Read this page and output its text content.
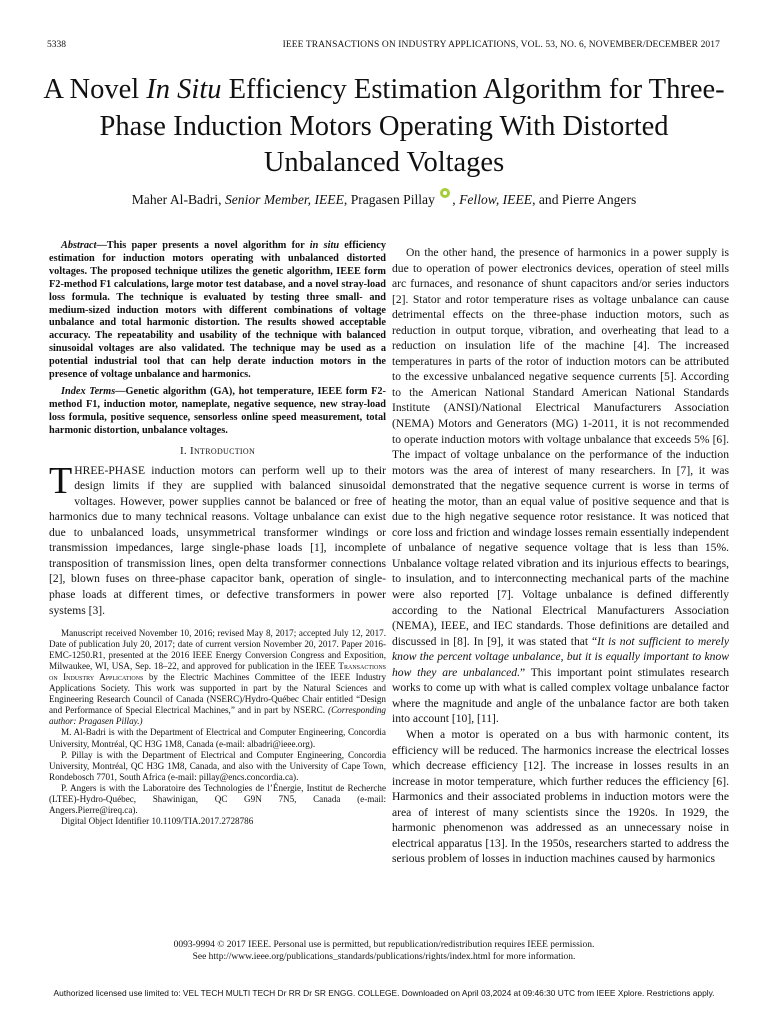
5338	IEEE TRANSACTIONS ON INDUSTRY APPLICATIONS, VOL. 53, NO. 6, NOVEMBER/DECEMBER 2017
A Novel In Situ Efficiency Estimation Algorithm for Three-Phase Induction Motors Operating With Distorted Unbalanced Voltages
Maher Al-Badri, Senior Member, IEEE, Pragasen Pillay , Fellow, IEEE, and Pierre Angers

Abstract—This paper presents a novel algorithm for in situ efficiency estimation for induction motors operating with unbalanced distorted voltages. The proposed technique utilizes the genetic algorithm, IEEE form F2-method F1 calculations, large motor test database, and a novel stray-load loss formula. The technique is evaluated by testing three small- and medium-sized induction motors with different combinations of voltage unbalance and total harmonic distortion. The results showed acceptable accuracy. The repeatability and usability of the technique with balanced sinusoidal voltages are also validated. The technique may be used as a potential industrial tool that can help derate induction motors in the presence of voltage unbalance and harmonics.

Index Terms—Genetic algorithm (GA), hot temperature, IEEE form F2-method F1, induction motor, nameplate, negative sequence, new stray-load loss formula, positive sequence, sensorless online speed measurement, total harmonic distortion, unbalance voltages.

I. Introduction

THREE-PHASE induction motors can perform well up to their design limits if they are supplied with balanced sinusoidal voltages. However, power supplies cannot be balanced or free of harmonics due to many technical reasons. Voltage unbalance can exist due to unbalanced loads, unsymmetrical transformer windings or transmission impedances, large single-phase loads [1], incomplete transposition of transmission lines, open delta transformer connections [2], blown fuses on three-phase capacitor bank, operation of single-phase loads at different times, or defective transformers in power systems [3].

Manuscript received November 10, 2016; revised May 8, 2017; accepted July 12, 2017. Date of publication July 20, 2017; date of current version November 20, 2017. Paper 2016-EMC-1250.R1, presented at the 2016 IEEE Energy Conversion Congress and Exposition, Milwaukee, WI, USA, Sep. 18–22, and approved for publication in the IEEE Transactions on Industry Applications by the Electric Machines Committee of the IEEE Industry Applications Society. This work was supported in part by the Natural Sciences and Engineering Research Council of Canada (NSERC)/Hydro-Québec Chair entitled “Design and Performance of Special Electrical Machines,” and in part by NSERC. (Corresponding author: Pragasen Pillay.)

M. Al-Badri is with the Department of Electrical and Computer Engineering, Concordia University, Montréal, QC H3G 1M8, Canada (e-mail: albadri@ieee.org).

P. Pillay is with the Department of Electrical and Computer Engineering, Concordia University, Montréal, QC H3G 1M8, Canada, and also with the University of Cape Town, Rondebosch 7701, South Africa (e-mail: pillay@encs.concordia.ca).

P. Angers is with the Laboratoire des Technologies de l’Énergie, Institut de Recherche (LTEE)-Hydro-Québec, Shawinigan, QC G9N 7N5, Canada (e-mail: Angers.Pierre@ireq.ca).

Digital Object Identifier 10.1109/TIA.2017.2728786

On the other hand, the presence of harmonics in a power supply is due to operation of power electronics devices, operation of steel mills arc furnaces, and resonance of shunt capacitors and/or series inductors [2]. Stator and rotor temperature rises as voltage unbalance can cause detrimental effects on the three-phase induction motors, such as reduction in output torque, vibration, and overheating that lead to a reduction on insulation life of the machine [4]. The increased temperatures in parts of the rotor of induction motors can be attributed to the excessive unbalanced negative sequence currents [5]. According to the American National Standard American National Standards Institute (ANSI)/National Electrical Manufacturers Association (NEMA) Motors and Generators (MG) 1-2011, it is not recommended to operate induction motors with voltage unbalance that exceeds 5% [6]. The impact of voltage unbalance on the performance of the induction motors was the area of interest of many researchers. In [7], it was demonstrated that the negative sequence current is worse in terms of heating the motor, than an equal value of positive sequence and that is due to the high negative sequence rotor resistance. It was noticed that core loss and friction and windage losses remain essentially independent of unbalance of negative sequence voltage that is less than 15%. Unbalance voltage related vibration and its injurious effects to bearings, to insulation, and to interconnecting mechanical parts of the machine were also reported [7]. Voltage unbalance is defined differently according to the National Electrical Manufacturers Association (NEMA), IEEE, and IEC standards. Those definitions are detailed and discussed in [8]. In [9], it was stated that “It is not sufficient to merely know the percent voltage unbalance, but it is equally important to know how they are unbalanced.” This important point stimulates research works to come up with what is called complex voltage unbalance factor where the magnitude and angle of the unbalance factor are both taken into account [10], [11].

When a motor is operated on a bus with harmonic content, its efficiency will be reduced. The harmonics increase the electrical losses which decrease efficiency [12]. The increase in losses results in an increase in motor temperature, which further reduces the efficiency [6]. Harmonics and their associated problems in induction motors were the area of interest of many scientists since the 1920s. In 1929, the harmonic phenomenon was addressed as an unnecessary noise in electrical apparatus [13]. In the 1950s, researchers started to address the serious problem of losses in induction machines caused by harmonics

0093-9994 © 2017 IEEE. Personal use is permitted, but republication/redistribution requires IEEE permission.
See http://www.ieee.org/publications_standards/publications/rights/index.html for more information.
Authorized licensed use limited to: VEL TECH MULTI TECH Dr RR Dr SR ENGG. COLLEGE. Downloaded on April 03,2024 at 09:46:30 UTC from IEEE Xplore. Restrictions apply.
